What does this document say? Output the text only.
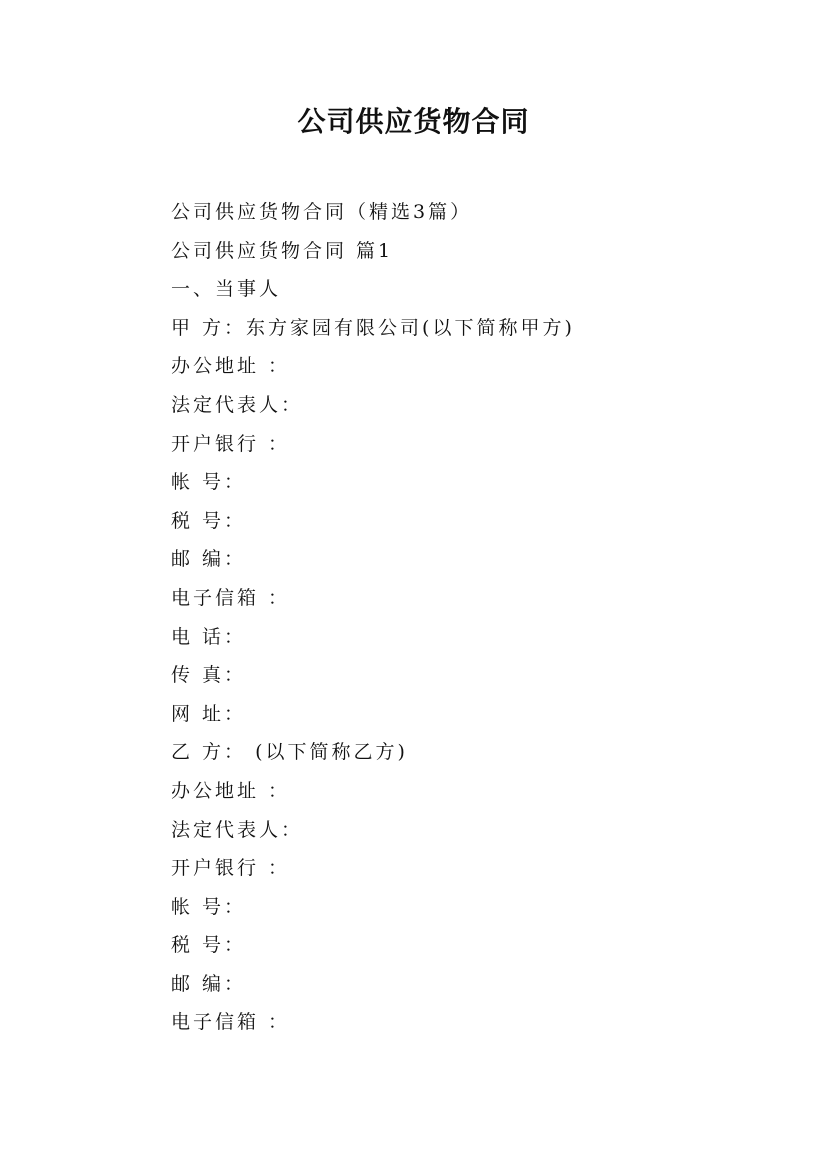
公司供应货物合同
公司供应货物合同（精选3篇）
公司供应货物合同 篇1
一、当事人
甲 方：东方家园有限公司(以下简称甲方)
办公地址 ：
法定代表人：
开户银行 ：
帐 号：
税 号：
邮 编：
电子信箱 ：
电 话：
传 真：
网 址：
乙 方： (以下简称乙方)
办公地址 ：
法定代表人：
开户银行 ：
帐 号：
税 号：
邮 编：
电子信箱 ：
